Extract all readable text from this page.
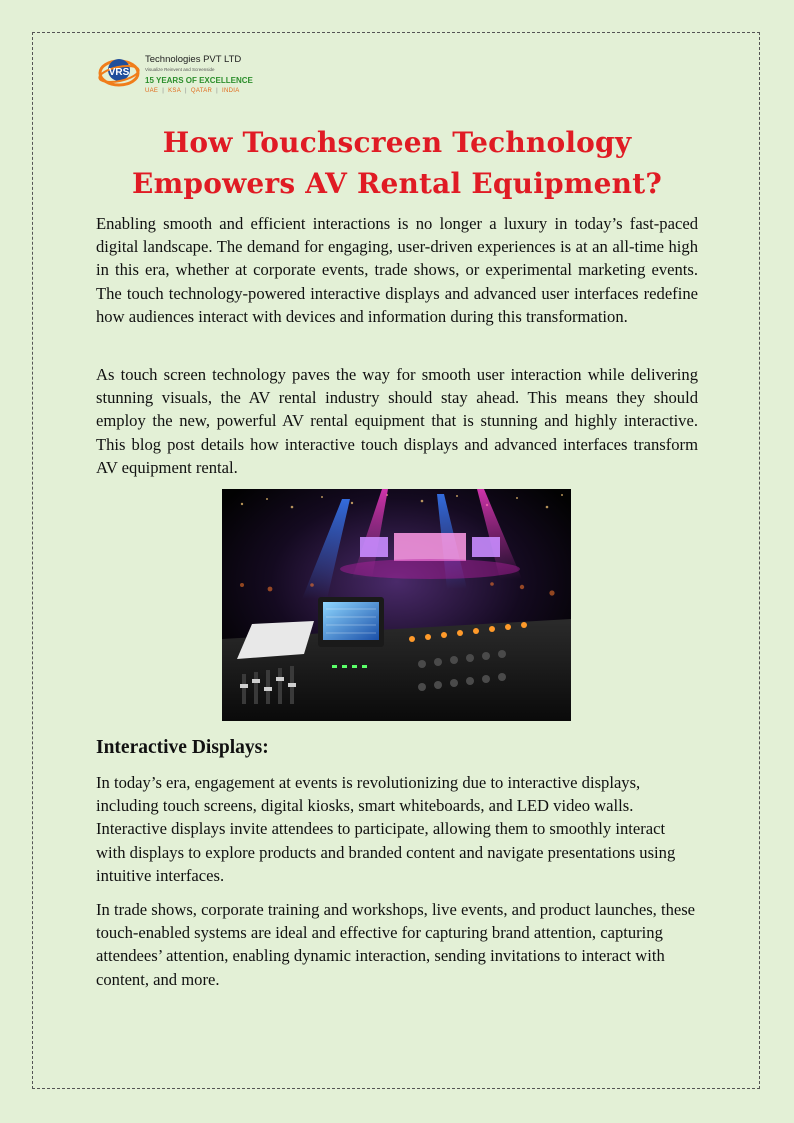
VRS
Technologies PVT LTD
Visualize Reinvent and Screenside
15 YEARS OF EXCELLENCE
UAE | KSA | QATAR | INDIA
How Touchscreen Technology
Empowers AV Rental Equipment?

Enabling smooth and efficient interactions is no longer a luxury in today’s fast-paced digital landscape. The demand for engaging, user-driven experiences is at an all-time high in this era, whether at corporate events, trade shows, or experimental marketing events. The touch technology-powered interactive displays and advanced user interfaces redefine how audiences interact with devices and information during this transformation.

As touch screen technology paves the way for smooth user interaction while delivering stunning visuals, the AV rental industry should stay ahead. This means they should employ the new, powerful AV rental equipment that is stunning and highly interactive. This blog post details how interactive touch displays and advanced interfaces transform AV equipment rental.

Interactive Displays:

In today’s era, engagement at events is revolutionizing due to interactive displays, including touch screens, digital kiosks, smart whiteboards, and LED video walls. Interactive displays invite attendees to participate, allowing them to smoothly interact with displays to explore products and branded content and navigate presentations using intuitive interfaces.

In trade shows, corporate training and workshops, live events, and product launches, these touch-enabled systems are ideal and effective for capturing brand attention, capturing attendees’ attention, enabling dynamic interaction, sending invitations to interact with content, and more.
